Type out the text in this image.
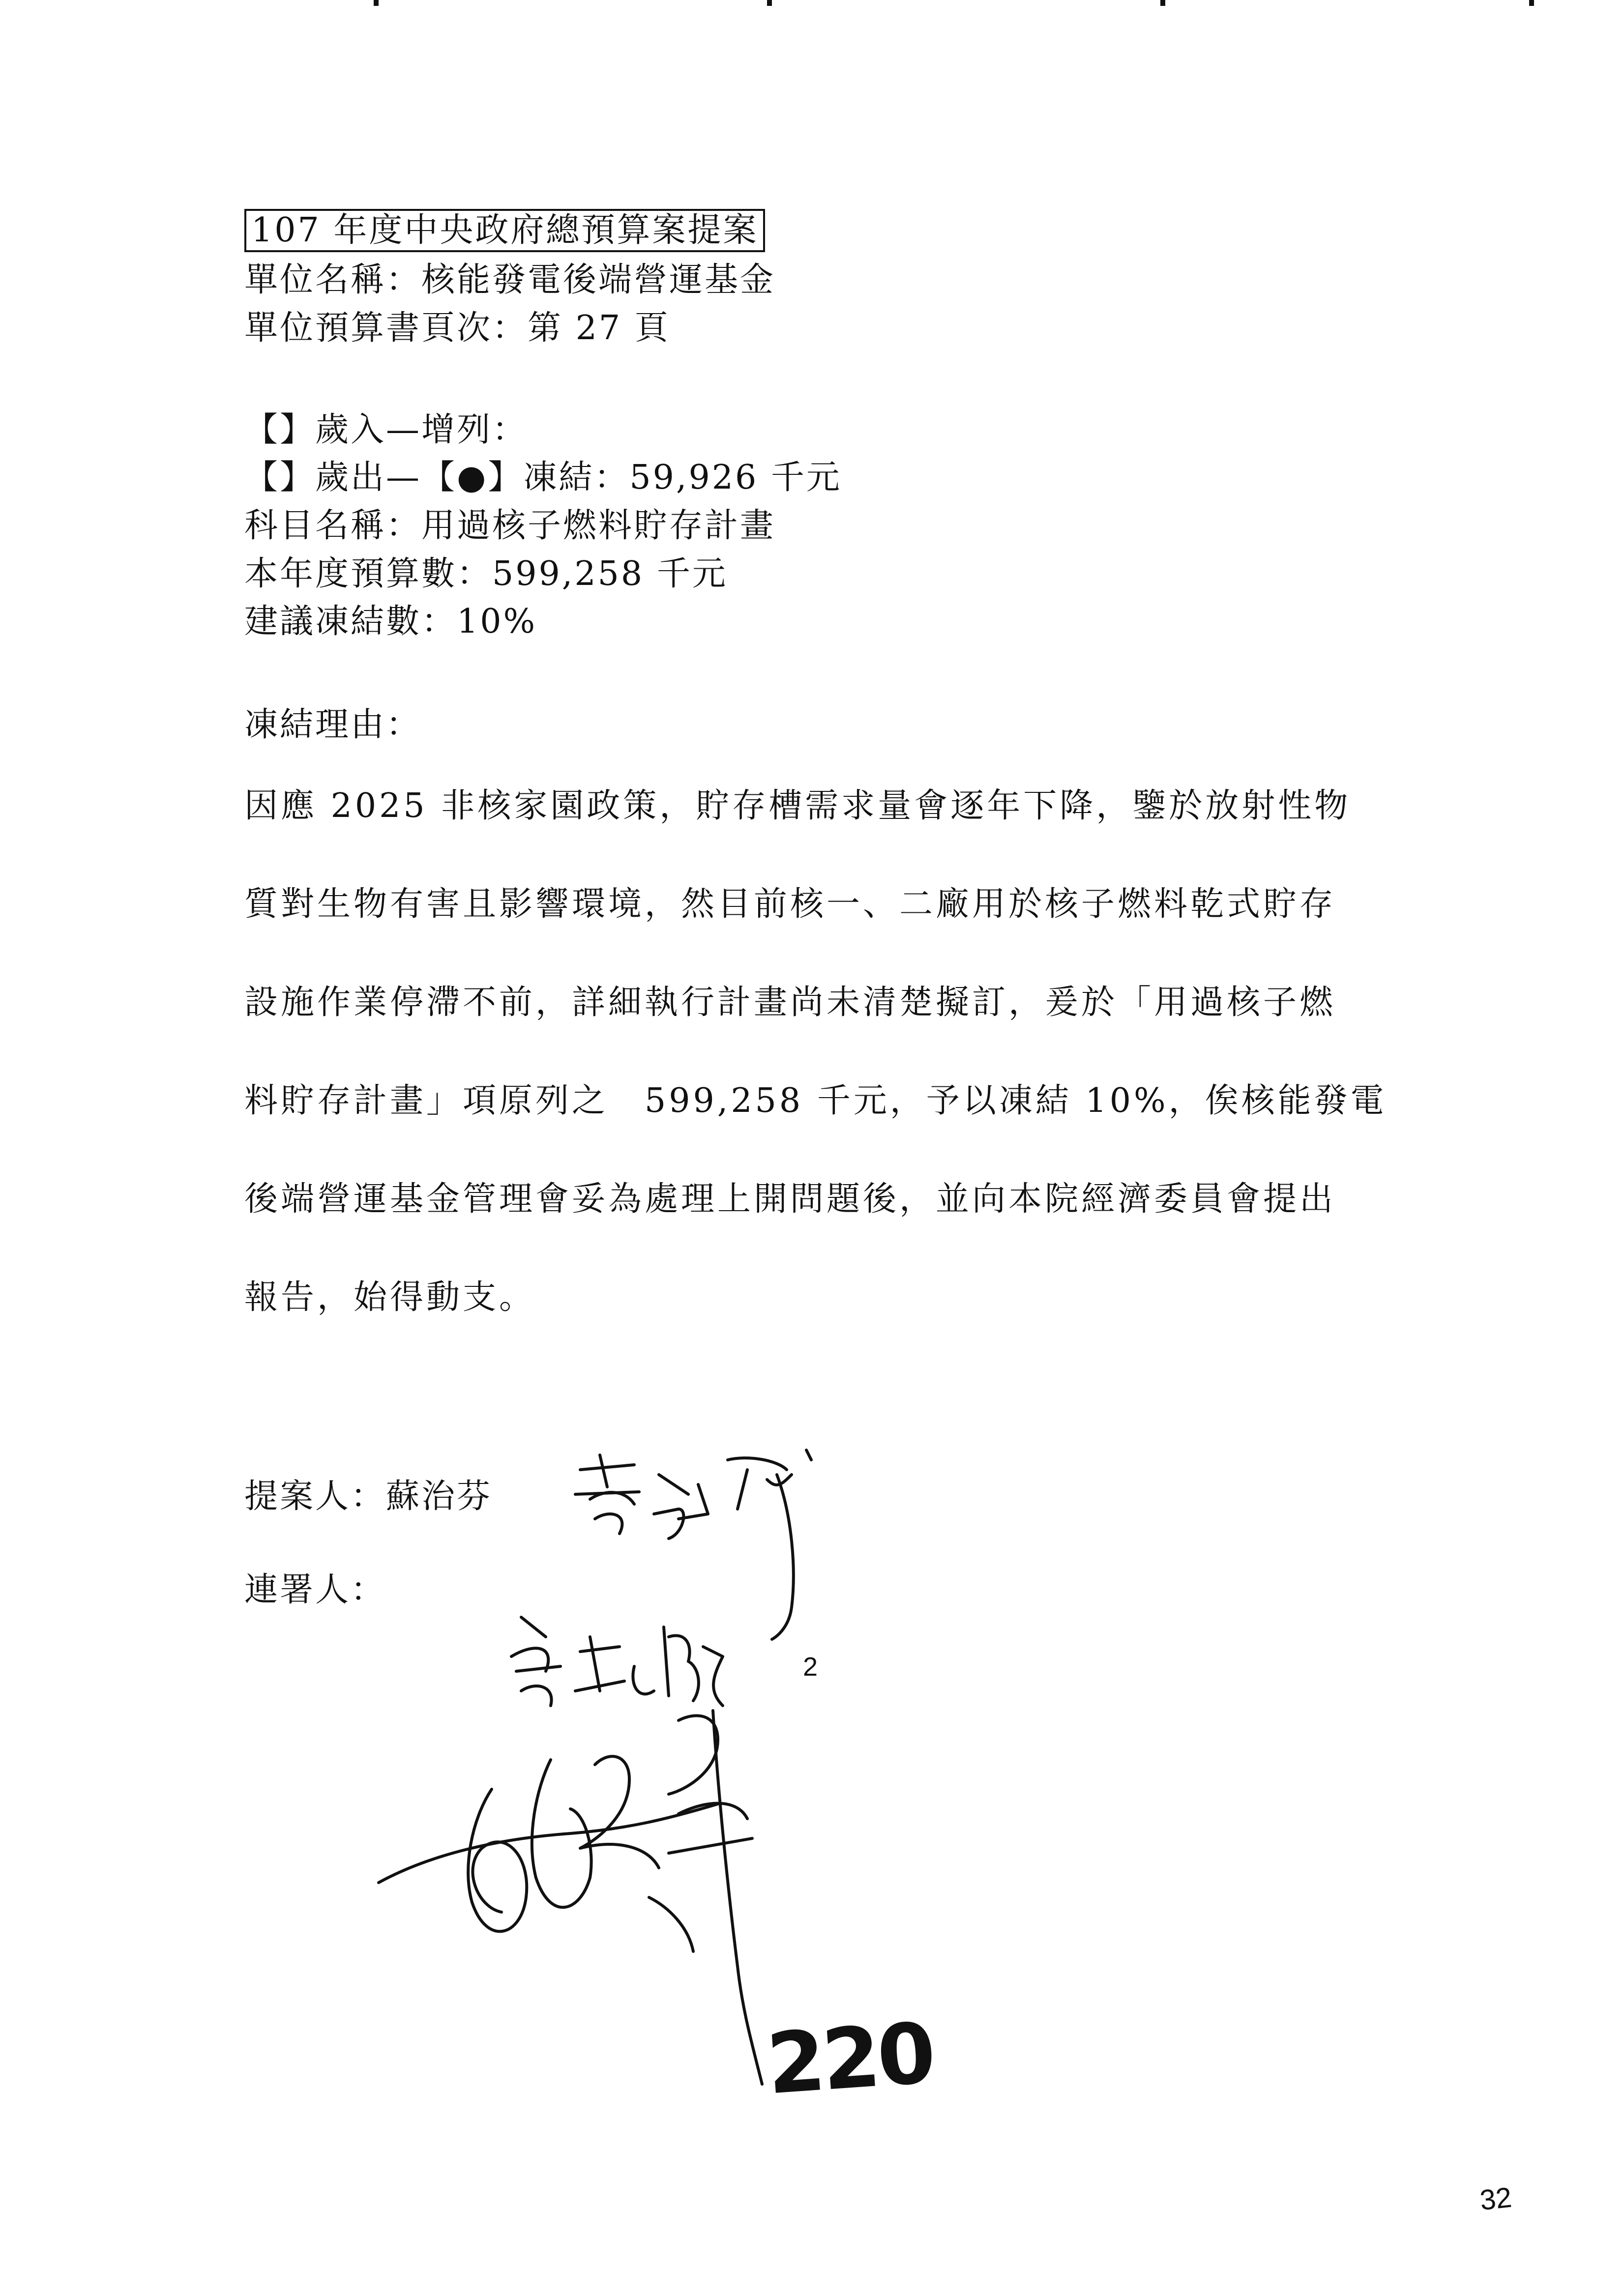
107 年度中央政府總預算案提案
單位名稱：核能發電後端營運基金
單位預算書頁次：第 27 頁
【】歲入—增列：
【】歲出—【●】凍結：59,926 千元
科目名稱：用過核子燃料貯存計畫
本年度預算數：599,258 千元
建議凍結數：10%
凍結理由：
因應 2025 非核家園政策，貯存槽需求量會逐年下降，鑒於放射性物
質對生物有害且影響環境，然目前核一、二廠用於核子燃料乾式貯存
設施作業停滯不前，詳細執行計畫尚未清楚擬訂，爰於「用過核子燃
料貯存計畫」項原列之　599,258 千元，予以凍結 10%，俟核能發電
後端營運基金管理會妥為處理上開問題後，並向本院經濟委員會提出
報告，始得動支。
提案人：蘇治芬
連署人：
220
2
32
